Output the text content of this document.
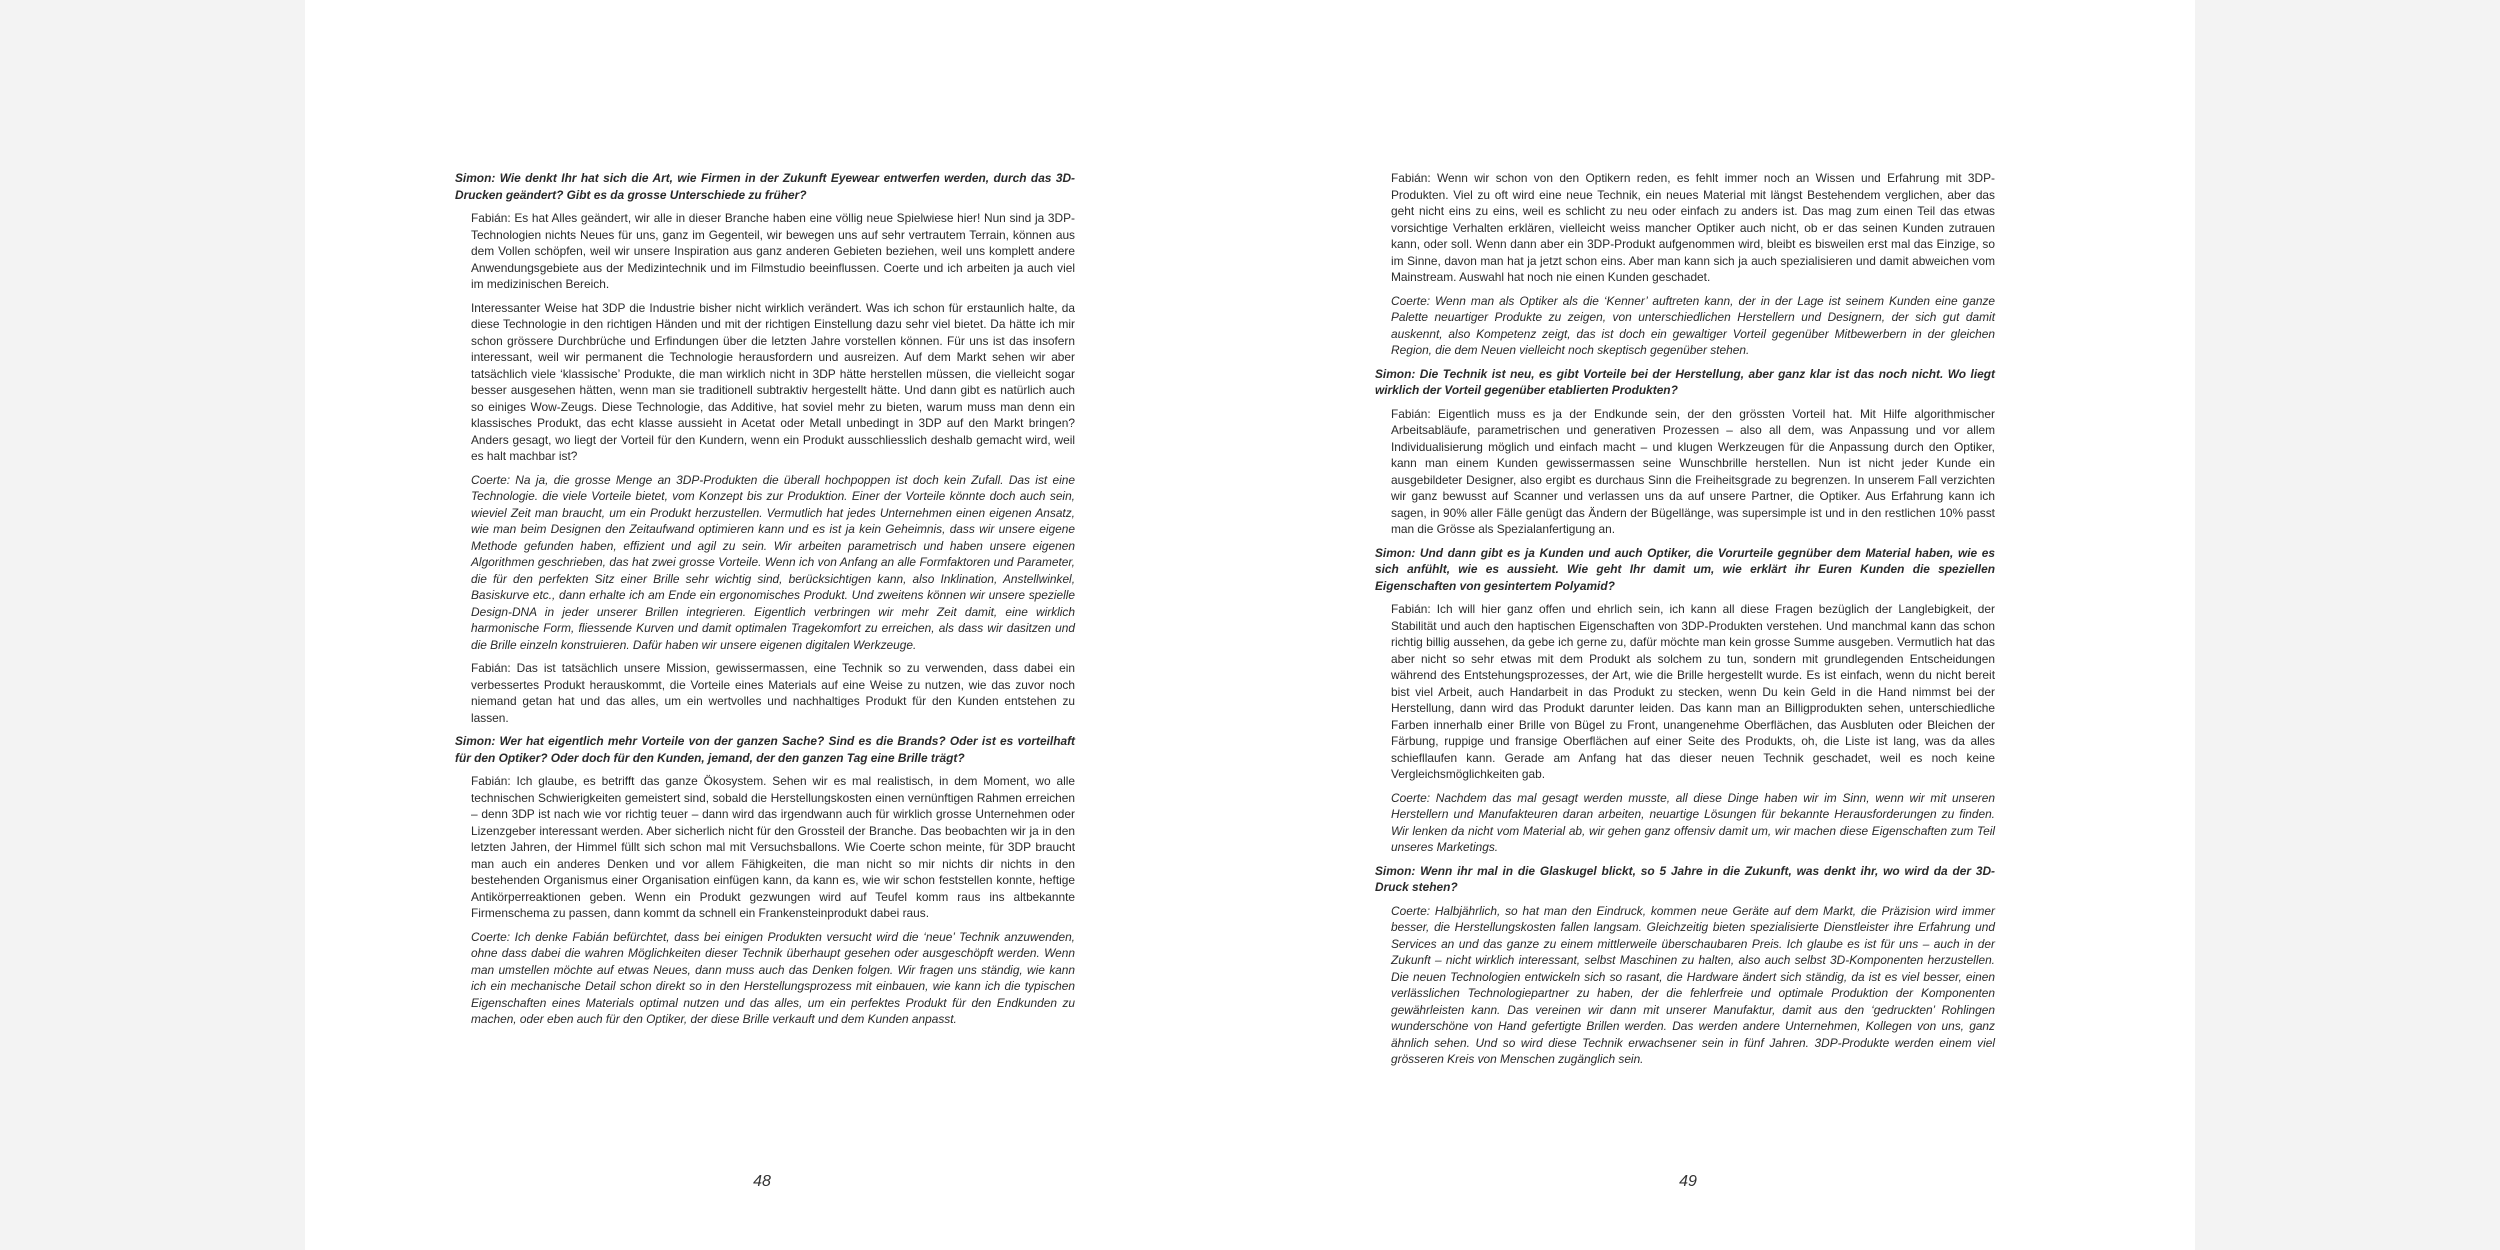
Simon: Wie denkt Ihr hat sich die Art, wie Firmen in der Zukunft Eyewear entwerfen werden, durch das 3D-Drucken geändert? Gibt es da grosse Unterschiede zu früher?

Fabián: Es hat Alles geändert, wir alle in dieser Branche haben eine völlig neue Spielwiese hier! Nun sind ja 3DP-Technologien nichts Neues für uns, ganz im Gegenteil, wir bewegen uns auf sehr vertrautem Terrain, können aus dem Vollen schöpfen, weil wir unsere Inspiration aus ganz anderen Gebieten beziehen, weil uns komplett andere Anwendungsgebiete aus der Medizintechnik und im Filmstudio beeinflussen. Coerte und ich arbeiten ja auch viel im medizinischen Bereich.

Interessanter Weise hat 3DP die Industrie bisher nicht wirklich verändert. Was ich schon für erstaunlich halte, da diese Technologie in den richtigen Händen und mit der richtigen Einstellung dazu sehr viel bietet. Da hätte ich mir schon grössere Durchbrüche und Erfindungen über die letzten Jahre vorstellen können. Für uns ist das insofern interessant, weil wir permanent die Technologie herausfordern und ausreizen. Auf dem Markt sehen wir aber tatsächlich viele ‘klassische’ Produkte, die man wirklich nicht in 3DP hätte herstellen müssen, die vielleicht sogar besser ausgesehen hätten, wenn man sie traditionell subtraktiv hergestellt hätte. Und dann gibt es natürlich auch so einiges Wow-Zeugs. Diese Technologie, das Additive, hat soviel mehr zu bieten, warum muss man denn ein klassisches Produkt, das echt klasse aussieht in Acetat oder Metall unbedingt in 3DP auf den Markt bringen? Anders gesagt, wo liegt der Vorteil für den Kundern, wenn ein Produkt ausschliesslich deshalb gemacht wird, weil es halt machbar ist?

Coerte: Na ja, die grosse Menge an 3DP-Produkten die überall hochpoppen ist doch kein Zufall. Das ist eine Technologie. die viele Vorteile bietet, vom Konzept bis zur Produktion. Einer der Vorteile könnte doch auch sein, wieviel Zeit man braucht, um ein Produkt herzustellen. Vermutlich hat jedes Unternehmen einen eigenen Ansatz, wie man beim Designen den Zeitaufwand optimieren kann und es ist ja kein Geheimnis, dass wir unsere eigene Methode gefunden haben, effizient und agil zu sein. Wir arbeiten parametrisch und haben unsere eigenen Algorithmen geschrieben, das hat zwei grosse Vorteile. Wenn ich von Anfang an alle Formfaktoren und Parameter, die für den perfekten Sitz einer Brille sehr wichtig sind, berücksichtigen kann, also Inklination, Anstellwinkel, Basiskurve etc., dann erhalte ich am Ende ein ergonomisches Produkt. Und zweitens können wir unsere spezielle Design-DNA in jeder unserer Brillen integrieren. Eigentlich verbringen wir mehr Zeit damit, eine wirklich harmonische Form, fliessende Kurven und damit optimalen Tragekomfort zu erreichen, als dass wir dasitzen und die Brille einzeln konstruieren. Dafür haben wir unsere eigenen digitalen Werkzeuge.

Fabián: Das ist tatsächlich unsere Mission, gewissermassen, eine Technik so zu verwenden, dass dabei ein verbessertes Produkt herauskommt, die Vorteile eines Materials auf eine Weise zu nutzen, wie das zuvor noch niemand getan hat und das alles, um ein wertvolles und nachhaltiges Produkt für den Kunden entstehen zu lassen.

Simon: Wer hat eigentlich mehr Vorteile von der ganzen Sache? Sind es die Brands? Oder ist es vorteilhaft für den Optiker? Oder doch für den Kunden, jemand, der den ganzen Tag eine Brille trägt?

Fabián: Ich glaube, es betrifft das ganze Ökosystem. Sehen wir es mal realistisch, in dem Moment, wo alle technischen Schwierigkeiten gemeistert sind, sobald die Herstellungskosten einen vernünftigen Rahmen erreichen – denn 3DP ist nach wie vor richtig teuer – dann wird das irgendwann auch für wirklich grosse Unternehmen oder Lizenzgeber interessant werden. Aber sicherlich nicht für den Grossteil der Branche. Das beobachten wir ja in den letzten Jahren, der Himmel füllt sich schon mal mit Versuchsballons. Wie Coerte schon meinte, für 3DP braucht man auch ein anderes Denken und vor allem Fähigkeiten, die man nicht so mir nichts dir nichts in den bestehenden Organismus einer Organisation einfügen kann, da kann es, wie wir schon feststellen konnte, heftige Antikörperreaktionen geben. Wenn ein Produkt gezwungen wird auf Teufel komm raus ins altbekannte Firmenschema zu passen, dann kommt da schnell ein Frankensteinprodukt dabei raus.

Coerte: Ich denke Fabián befürchtet, dass bei einigen Produkten versucht wird die ‘neue’ Technik anzuwenden, ohne dass dabei die wahren Möglichkeiten dieser Technik überhaupt gesehen oder ausgeschöpft werden. Wenn man umstellen möchte auf etwas Neues, dann muss auch das Denken folgen. Wir fragen uns ständig, wie kann ich ein mechanische Detail schon direkt so in den Herstellungsprozess mit einbauen, wie kann ich die typischen Eigenschaften eines Materials optimal nutzen und das alles, um ein perfektes Produkt für den Endkunden zu machen, oder eben auch für den Optiker, der diese Brille verkauft und dem Kunden anpasst.

48

Fabián: Wenn wir schon von den Optikern reden, es fehlt immer noch an Wissen und Erfahrung mit 3DP-Produkten. Viel zu oft wird eine neue Technik, ein neues Material mit längst Bestehendem verglichen, aber das geht nicht eins zu eins, weil es schlicht zu neu oder einfach zu anders ist. Das mag zum einen Teil das etwas vorsichtige Verhalten erklären, vielleicht weiss mancher Optiker auch nicht, ob er das seinen Kunden zutrauen kann, oder soll. Wenn dann aber ein 3DP-Produkt aufgenommen wird, bleibt es bisweilen erst mal das Einzige, so im Sinne, davon man hat ja jetzt schon eins. Aber man kann sich ja auch spezialisieren und damit abweichen vom Mainstream. Auswahl hat noch nie einen Kunden geschadet.

Coerte: Wenn man als Optiker als die ‘Kenner’ auftreten kann, der in der Lage ist seinem Kunden eine ganze Palette neuartiger Produkte zu zeigen, von unterschiedlichen Herstellern und Designern, der sich gut damit auskennt, also Kompetenz zeigt, das ist doch ein gewaltiger Vorteil gegenüber Mitbewerbern in der gleichen Region, die dem Neuen vielleicht noch skeptisch gegenüber stehen.

Simon: Die Technik ist neu, es gibt Vorteile bei der Herstellung, aber ganz klar ist das noch nicht. Wo liegt wirklich der Vorteil gegenüber etablierten Produkten?

Fabián: Eigentlich muss es ja der Endkunde sein, der den grössten Vorteil hat. Mit Hilfe algorithmischer Arbeitsabläufe, parametrischen und generativen Prozessen – also all dem, was Anpassung und vor allem Individualisierung möglich und einfach macht – und klugen Werkzeugen für die Anpassung durch den Optiker, kann man einem Kunden gewissermassen seine Wunschbrille herstellen. Nun ist nicht jeder Kunde ein ausgebildeter Designer, also ergibt es durchaus Sinn die Freiheitsgrade zu begrenzen. In unserem Fall verzichten wir ganz bewusst auf Scanner und verlassen uns da auf unsere Partner, die Optiker. Aus Erfahrung kann ich sagen, in 90% aller Fälle genügt das Ändern der Bügellänge, was supersimple ist und in den restlichen 10% passt man die Grösse als Spezialanfertigung an.

Simon: Und dann gibt es ja Kunden und auch Optiker, die Vorurteile gegnüber dem Material haben, wie es sich anfühlt, wie es aussieht. Wie geht Ihr damit um, wie erklärt ihr Euren Kunden die speziellen Eigenschaften von gesintertem Polyamid?

Fabián: Ich will hier ganz offen und ehrlich sein, ich kann all diese Fragen bezüglich der Langlebigkeit, der Stabilität und auch den haptischen Eigenschaften von 3DP-Produkten verstehen. Und manchmal kann das schon richtig billig aussehen, da gebe ich gerne zu, dafür möchte man kein grosse Summe ausgeben. Vermutlich hat das aber nicht so sehr etwas mit dem Produkt als solchem zu tun, sondern mit grundlegenden Entscheidungen während des Entstehungsprozesses, der Art, wie die Brille hergestellt wurde. Es ist einfach, wenn du nicht bereit bist viel Arbeit, auch Handarbeit in das Produkt zu stecken, wenn Du kein Geld in die Hand nimmst bei der Herstellung, dann wird das Produkt darunter leiden. Das kann man an Billigprodukten sehen, unterschiedliche Farben innerhalb einer Brille von Bügel zu Front, unangenehme Oberflächen, das Ausbluten oder Bleichen der Färbung, ruppige und fransige Oberflächen auf einer Seite des Produkts, oh, die Liste ist lang, was da alles schiefllaufen kann. Gerade am Anfang hat das dieser neuen Technik geschadet, weil es noch keine Vergleichsmöglichkeiten gab.

Coerte: Nachdem das mal gesagt werden musste, all diese Dinge haben wir im Sinn, wenn wir mit unseren Herstellern und Manufakteuren daran arbeiten, neuartige Lösungen für bekannte Herausforderungen zu finden. Wir lenken da nicht vom Material ab, wir gehen ganz offensiv damit um, wir machen diese Eigenschaften zum Teil unseres Marketings.

Simon: Wenn ihr mal in die Glaskugel blickt, so 5 Jahre in die Zukunft, was denkt ihr, wo wird da der 3D-Druck stehen?

Coerte: Halbjährlich, so hat man den Eindruck, kommen neue Geräte auf dem Markt, die Präzision wird immer besser, die Herstellungskosten fallen langsam. Gleichzeitig bieten spezialisierte Dienstleister ihre Erfahrung und Services an und das ganze zu einem mittlerweile überschaubaren Preis. Ich glaube es ist für uns – auch in der Zukunft – nicht wirklich interessant, selbst Maschinen zu halten, also auch selbst 3D-Komponenten herzustellen. Die neuen Technologien entwickeln sich so rasant, die Hardware ändert sich ständig, da ist es viel besser, einen verlässlichen Technologiepartner zu haben, der die fehlerfreie und optimale Produktion der Komponenten gewährleisten kann. Das vereinen wir dann mit unserer Manufaktur, damit aus den ‘gedruckten’ Rohlingen wunderschöne von Hand gefertigte Brillen werden. Das werden andere Unternehmen, Kollegen von uns, ganz ähnlich sehen. Und so wird diese Technik erwachsener sein in fünf Jahren. 3DP-Produkte werden einem viel grösseren Kreis von Menschen zugänglich sein.

49
